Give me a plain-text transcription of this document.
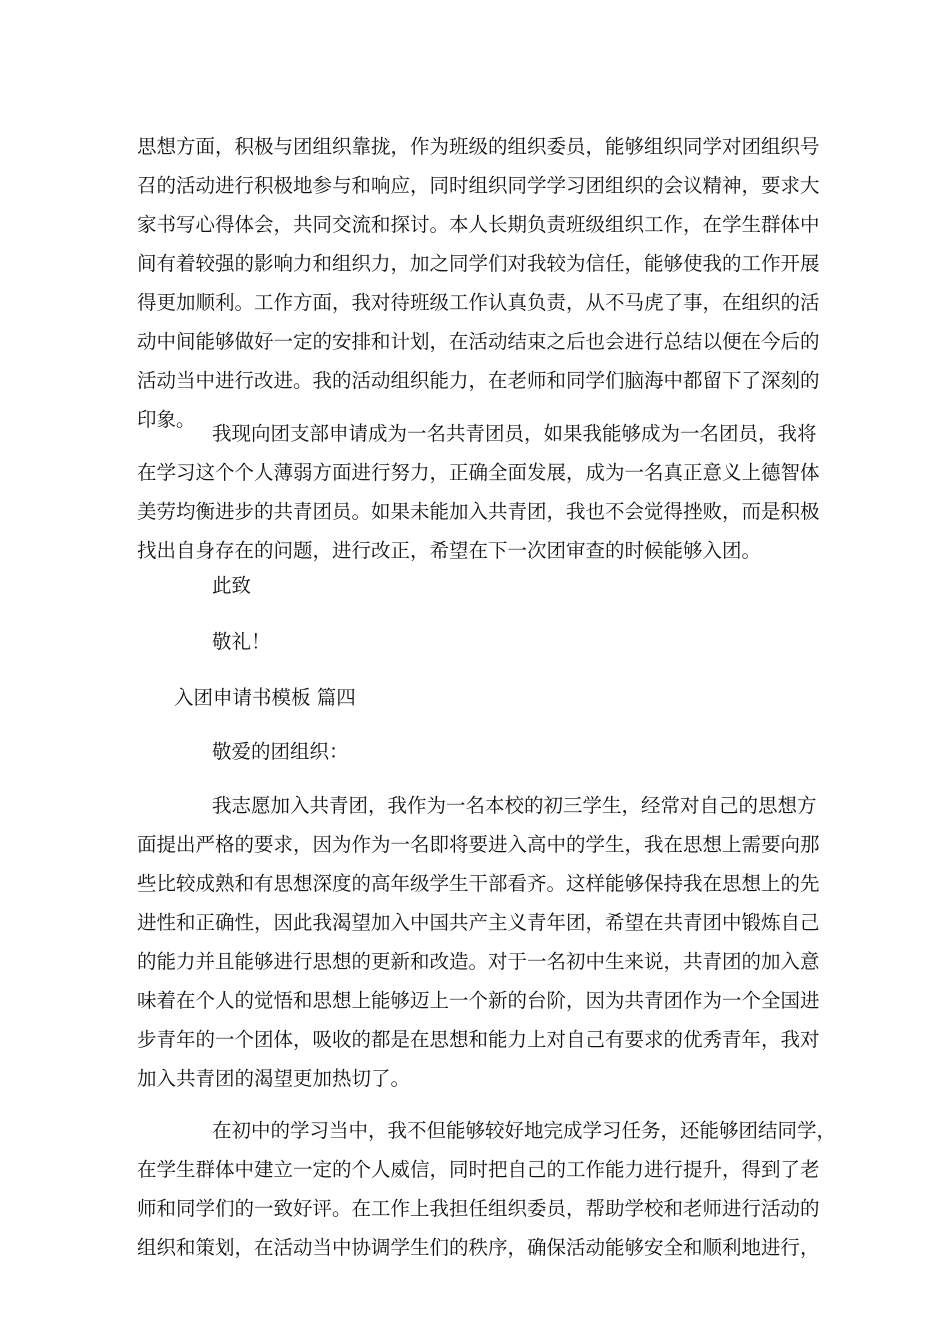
思想方面，积极与团组织靠拢，作为班级的组织委员，能够组织同学对团组织号
召的活动进行积极地参与和响应，同时组织同学学习团组织的会议精神，要求大
家书写心得体会，共同交流和探讨。本人长期负责班级组织工作，在学生群体中
间有着较强的影响力和组织力，加之同学们对我较为信任，能够使我的工作开展
得更加顺利。工作方面，我对待班级工作认真负责，从不马虎了事，在组织的活
动中间能够做好一定的安排和计划，在活动结束之后也会进行总结以便在今后的
活动当中进行改进。我的活动组织能力，在老师和同学们脑海中都留下了深刻的
印象。
我现向团支部申请成为一名共青团员，如果我能够成为一名团员，我将
在学习这个个人薄弱方面进行努力，正确全面发展，成为一名真正意义上德智体
美劳均衡进步的共青团员。如果未能加入共青团，我也不会觉得挫败，而是积极
找出自身存在的问题，进行改正，希望在下一次团审查的时候能够入团。
此致
敬礼！
入团申请书模板 篇四
敬爱的团组织：
我志愿加入共青团，我作为一名本校的初三学生，经常对自己的思想方
面提出严格的要求，因为作为一名即将要进入高中的学生，我在思想上需要向那
些比较成熟和有思想深度的高年级学生干部看齐。这样能够保持我在思想上的先
进性和正确性，因此我渴望加入中国共产主义青年团，希望在共青团中锻炼自己
的能力并且能够进行思想的更新和改造。对于一名初中生来说，共青团的加入意
味着在个人的觉悟和思想上能够迈上一个新的台阶，因为共青团作为一个全国进
步青年的一个团体，吸收的都是在思想和能力上对自己有要求的优秀青年，我对
加入共青团的渴望更加热切了。
在初中的学习当中，我不但能够较好地完成学习任务，还能够团结同学，
在学生群体中建立一定的个人威信，同时把自己的工作能力进行提升，得到了老
师和同学们的一致好评。在工作上我担任组织委员，帮助学校和老师进行活动的
组织和策划，在活动当中协调学生们的秩序，确保活动能够安全和顺利地进行，
